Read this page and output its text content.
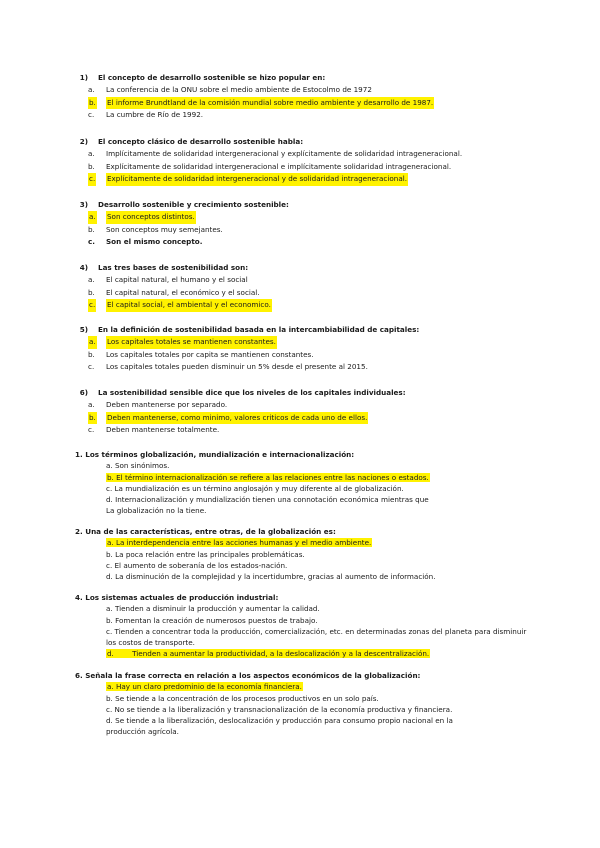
1) El concepto de desarrollo sostenible se hizo popular en:
a. La conferencia de la ONU sobre el medio ambiente de Estocolmo de 1972
b. El informe Brundtland de la comisión mundial sobre medio ambiente y desarrollo de 1987.
c. La cumbre de Río de 1992.
2) El concepto clásico de desarrollo sostenible habla:
a. Implícitamente de solidaridad intergeneracional y explícitamente de solidaridad intrageneracional.
b. Explícitamente de solidaridad intergeneracional e implícitamente solidaridad intrageneracional.
c. Explícitamente de solidaridad intergeneracional y de solidaridad intrageneracional.
3) Desarrollo sostenible y crecimiento sostenible:
a. Son conceptos distintos.
b. Son conceptos muy semejantes.
c. Son el mismo concepto.
4) Las tres bases de sostenibilidad son:
a. El capital natural, el humano y el social
b. El capital natural, el económico y el social.
c. El capital social, el ambiental y el economico.
5) En la definición de sostenibilidad basada en la intercambiabilidad de capitales:
a. Los capitales totales se mantienen constantes.
b. Los capitales totales por capita se mantienen constantes.
c. Los capitales totales pueden disminuir un 5% desde el presente al 2015.
6) La sostenibilidad sensible dice que los niveles de los capitales individuales:
a. Deben mantenerse por separado.
b. Deben mantenerse, como minimo, valores criticos de cada uno de ellos.
c. Deben mantenerse totalmente.
1. Los términos globalización, mundialización e internacionalización:
a. Son sinónimos.
b. El término internacionalización se refiere a las relaciones entre las naciones o estados.
c. La mundialización es un término anglosajón y muy diferente al de globalización.
d. Internacionalización y mundialización tienen una connotación económica mientras que
La globalización no la tiene.
2. Una de las características, entre otras, de la globalización es:
a. La interdependencia entre las acciones humanas y el medio ambiente.
b. La poca relación entre las principales problemáticas.
c. El aumento de soberanía de los estados-nación.
d. La disminución de la complejidad y la incertidumbre, gracias al aumento de información.
4. Los sistemas actuales de producción industrial:
a. Tienden a disminuir la producción y aumentar la calidad.
b. Fomentan la creación de numerosos puestos de trabajo.
c. Tienden a concentrar toda la producción, comercialización, etc. en determinadas zonas del planeta para disminuir
los costos de transporte.
d.        Tienden a aumentar la productividad, a la deslocalización y a la descentralización.
6. Señala la frase correcta en relación a los aspectos económicos de la globalización:
a. Hay un claro predominio de la economía financiera.
b. Se tiende a la concentración de los procesos productivos en un solo país.
c. No se tiende a la liberalización y transnacionalización de la economía productiva y financiera.
d. Se tiende a la liberalización, deslocalización y producción para consumo propio nacional en la
producción agrícola.
